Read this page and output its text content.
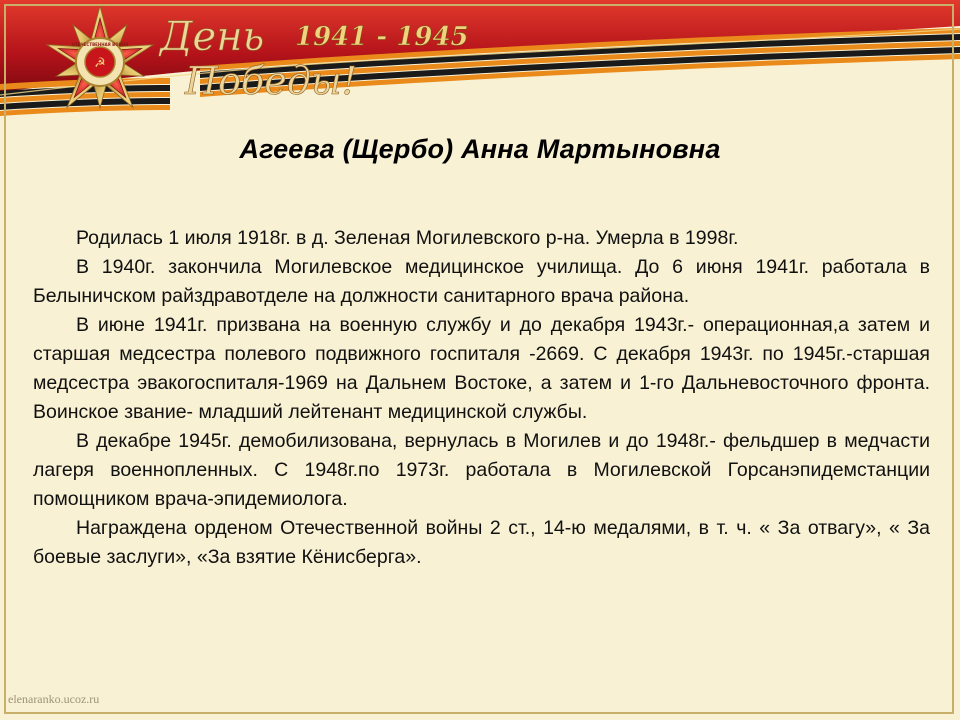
☭
ОТЕЧЕСТВЕННАЯ ВОЙНА День
Победы!
1941 - 1945
Агеева (Щербо) Анна Мартыновна

Родилась 1 июля 1918г. в д. Зеленая Могилевского р-на. Умерла в 1998г.

В 1940г. закончила Могилевское медицинское училища. До 6 июня 1941г. работала в Белыничском райздравотделе на должности санитарного врача района.

В июне 1941г. призвана на военную службу и до декабря 1943г.- операционная,а затем и старшая медсестра полевого подвижного госпиталя -2669. С декабря 1943г. по 1945г.-старшая медсестра эвакогоспиталя-1969 на Дальнем Востоке, а затем и 1-го Дальневосточного фронта. Воинское звание- младший лейтенант медицинской службы.

В декабре 1945г. демобилизована, вернулась в Могилев и до 1948г.- фельдшер в медчасти лагеря военнопленных. С 1948г.по 1973г. работала в Могилевской Горсанэпидемстанции помощником врача-эпидемиолога.

Награждена орденом Отечественной войны 2 ст., 14-ю медалями, в т. ч. « За отвагу», « За боевые заслуги», «За взятие Кёнисберга».

elenaranko.ucoz.ru
